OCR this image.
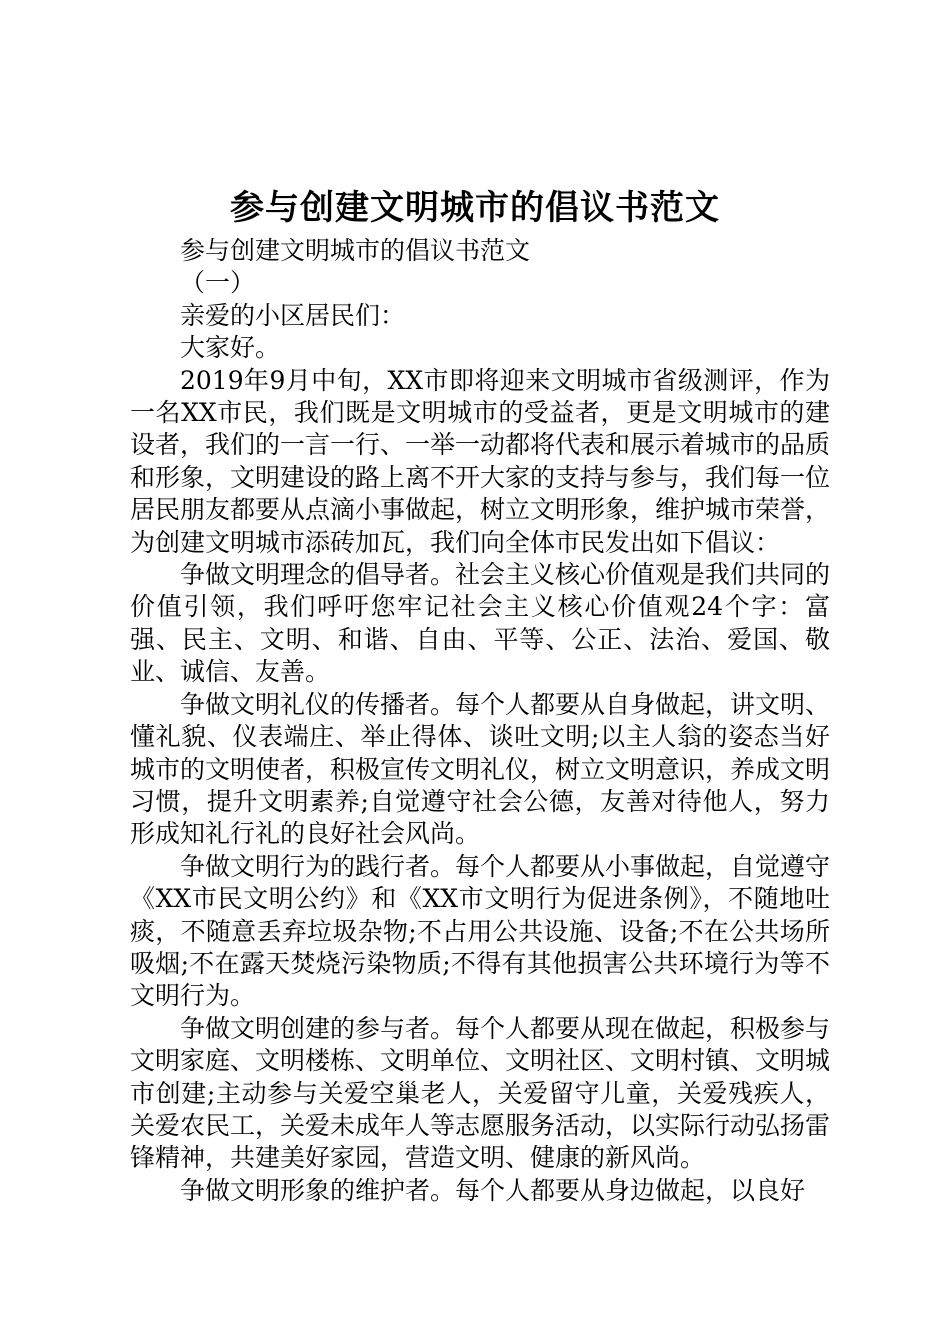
参与创建文明城市的倡议书范文

参与创建文明城市的倡议书范文

（一）

亲爱的小区居民们：

大家好。

2019年9月中旬，XX市即将迎来文明城市省级测评，作为一名XX市民，我们既是文明城市的受益者，更是文明城市的建设者，我们的一言一行、一举一动都将代表和展示着城市的品质和形象，文明建设的路上离不开大家的支持与参与，我们每一位居民朋友都要从点滴小事做起，树立文明形象，维护城市荣誉，为创建文明城市添砖加瓦，我们向全体市民发出如下倡议：

争做文明理念的倡导者。社会主义核心价值观是我们共同的价值引领，我们呼吁您牢记社会主义核心价值观24个字：富强、民主、文明、和谐、自由、平等、公正、法治、爱国、敬业、诚信、友善。

争做文明礼仪的传播者。每个人都要从自身做起，讲文明、懂礼貌、仪表端庄、举止得体、谈吐文明;以主人翁的姿态当好城市的文明使者，积极宣传文明礼仪，树立文明意识，养成文明习惯，提升文明素养;自觉遵守社会公德，友善对待他人，努力形成知礼行礼的良好社会风尚。

争做文明行为的践行者。每个人都要从小事做起，自觉遵守《XX市民文明公约》和《XX市文明行为促进条例》，不随地吐痰，不随意丢弃垃圾杂物;不占用公共设施、设备;不在公共场所吸烟;不在露天焚烧污染物质;不得有其他损害公共环境行为等不文明行为。

争做文明创建的参与者。每个人都要从现在做起，积极参与文明家庭、文明楼栋、文明单位、文明社区、文明村镇、文明城市创建;主动参与关爱空巢老人，关爱留守儿童，关爱残疾人，关爱农民工，关爱未成年人等志愿服务活动，以实际行动弘扬雷锋精神，共建美好家园，营造文明、健康的新风尚。

争做文明形象的维护者。每个人都要从身边做起，以良好
